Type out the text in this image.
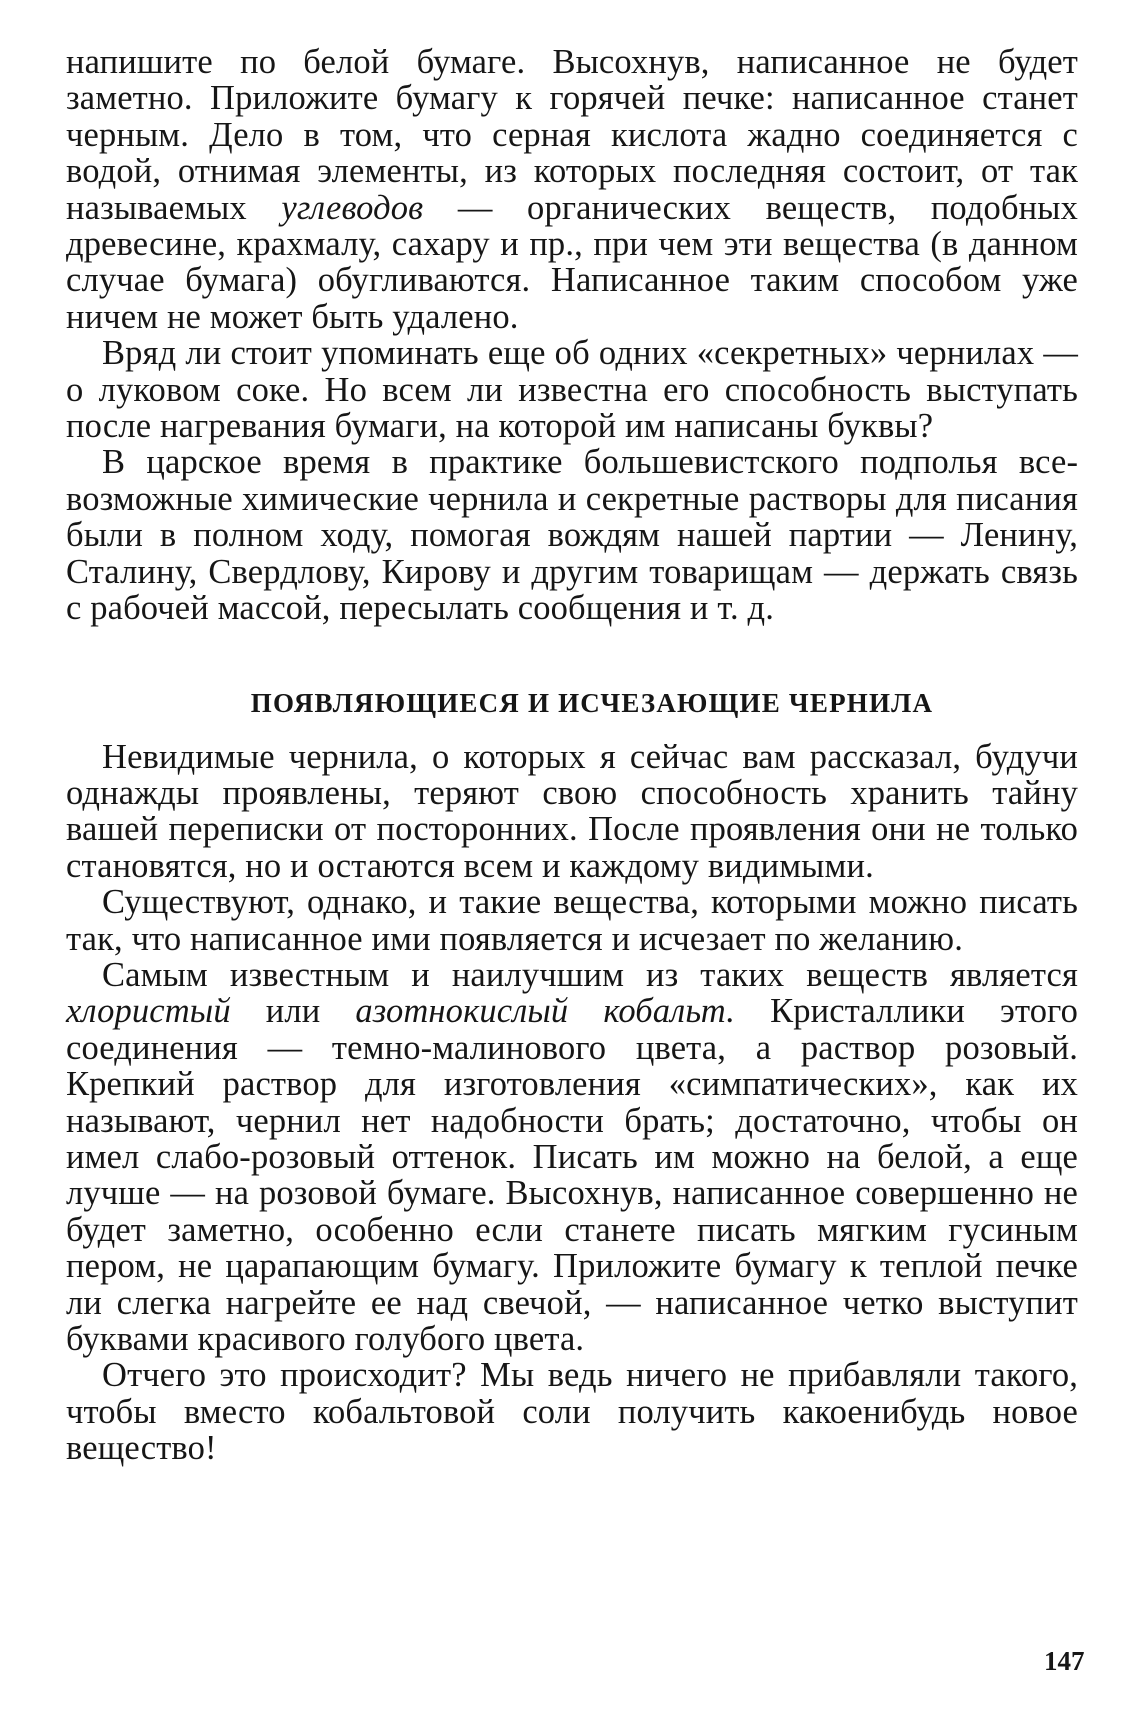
напишите по белой бумаге. Высохнув, написанное не будет заметно. Приложите бумагу к горячей печке: написанное станет черным. Дело в том, что серная кислота жадно соединяется с водой, отнимая элементы, из которых последняя состоит, от так называемых углеводов — органических веществ, подобных древесине, крахмалу, сахару и пр., при чем эти вещества (в данном случае бумага) обугливаются. Написанное таким способом уже ничем не может быть удалено.

Вряд ли стоит упоминать еще об одних «секретных» чернилах — о луковом соке. Но всем ли известна его способность выступать после нагревания бумаги, на которой им написаны буквы?

В царское время в практике большевистского подполья всевозможные химические чернила и секретные растворы для писания были в полном ходу, помогая вождям нашей партии — Ленину, Сталину, Свердлову, Кирову и другим товарищам — держать связь с рабочей массой, пересылать сообщения и т. д.

ПОЯВЛЯЮЩИЕСЯ И ИСЧЕЗАЮЩИЕ ЧЕРНИЛА

Невидимые чернила, о которых я сейчас вам рассказал, будучи однажды проявлены, теряют свою способность хранить тайну вашей переписки от посторонних. После проявления они не только становятся, но и остаются всем и каждому видимыми.

Существуют, однако, и такие вещества, которыми можно писать так, что написанное ими появляется и исчезает по желанию.

Самым известным и наилучшим из таких веществ является хлористый или азотнокислый кобальт. Кристаллики этого соединения — темно-малинового цвета, а раствор розовый. Крепкий раствор для изготовления «симпатических», как их называют, чернил нет надобности брать; достаточно, чтобы он имел слабо-розовый оттенок. Писать им можно на белой, а еще лучше — на розовой бумаге. Высохнув, написанное совершенно не будет заметно, особенно если станете писать мягким гусиным пером, не царапающим бумагу. Приложите бумагу к теплой печке ли слегка нагрейте ее над свечой, — написанное четко выступит буквами красивого голубого цвета.

Отчего это происходит? Мы ведь ничего не прибавляли такого, чтобы вместо кобальтовой соли получить какоенибудь новое вещество!

147
